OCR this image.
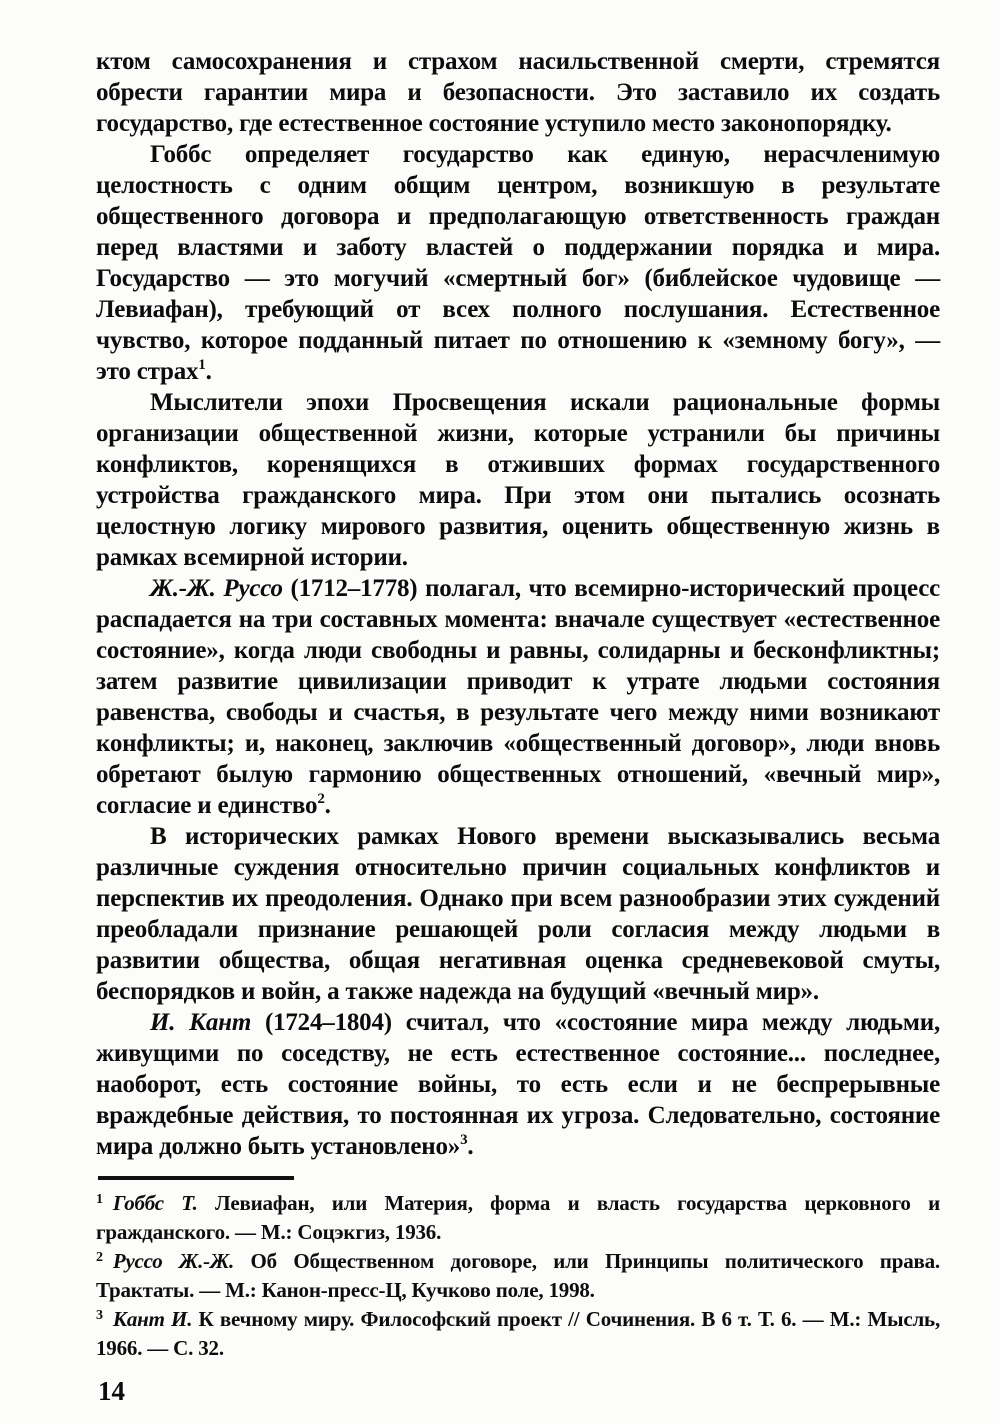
ктом самосохранения и страхом насильственной смерти, стремятся обрести гарантии мира и безопасности. Это заставило их создать государство, где естественное состояние уступило место законопорядку.

Гоббс определяет государство как единую, нерасчленимую целостность с одним общим центром, возникшую в результате общественного договора и предполагающую ответственность граждан перед властями и заботу властей о поддержании порядка и мира. Государство — это могучий «смертный бог» (библейское чудовище — Левиафан), требующий от всех полного послушания. Естественное чувство, которое подданный питает по отношению к «земному богу», — это страх$^1$.

Мыслители эпохи Просвещения искали рациональные формы организации общественной жизни, которые устранили бы причины конфликтов, коренящихся в отживших формах государственного устройства гражданского мира. При этом они пытались осознать целостную логику мирового развития, оценить общественную жизнь в рамках всемирной истории.

Ж.-Ж. Руссо (1712–1778) полагал, что всемирно-исторический процесс распадается на три составных момента: вначале существует «естественное состояние», когда люди свободны и равны, солидарны и бесконфликтны; затем развитие цивилизации приводит к утрате людьми состояния равенства, свободы и счастья, в результате чего между ними возникают конфликты; и, наконец, заключив «общественный договор», люди вновь обретают былую гармонию общественных отношений, «вечный мир», согласие и единство$^2$.

В исторических рамках Нового времени высказывались весьма различные суждения относительно причин социальных конфликтов и перспектив их преодоления. Однако при всем разнообразии этих суждений преобладали признание решающей роли согласия между людьми в развитии общества, общая негативная оценка средневековой смуты, беспорядков и войн, а также надежда на будущий «вечный мир».

И. Кант (1724–1804) считал, что «состояние мира между людьми, живущими по соседству, не есть естественное состояние... последнее, наоборот, есть состояние войны, то есть если и не беспрерывные враждебные действия, то постоянная их угроза. Следовательно, состояние мира должно быть установлено»$^3$.

$^1$ Гоббс Т. Левиафан, или Материя, форма и власть государства церковного и гражданского. — М.: Соцэкгиз, 1936.

$^2$ Руссо Ж.-Ж. Об Общественном договоре, или Принципы политического права. Трактаты. — М.: Канон-пресс-Ц, Кучково поле, 1998.

$^3$ Кант И. К вечному миру. Философский проект // Сочинения. В 6 т. Т. 6. — М.: Мысль, 1966. — С. 32.

14
